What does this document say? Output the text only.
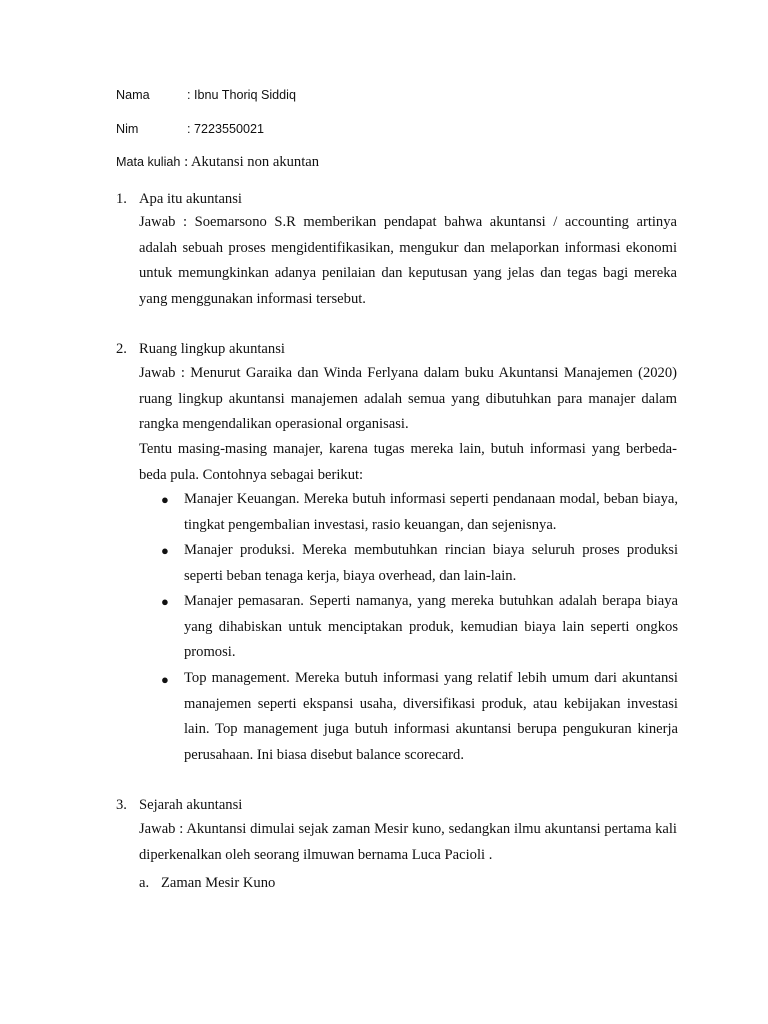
Nama	: Ibnu Thoriq Siddiq
Nim	: 7223550021
Mata kuliah : Akutansi non akuntan
1. Apa itu akuntansi
Jawab : Soemarsono S.R memberikan pendapat bahwa akuntansi / accounting artinya adalah sebuah proses mengidentifikasikan, mengukur dan melaporkan informasi ekonomi untuk memungkinkan adanya penilaian dan keputusan yang jelas dan tegas bagi mereka yang menggunakan informasi tersebut.
2. Ruang lingkup akuntansi
Jawab : Menurut Garaika dan Winda Ferlyana dalam buku Akuntansi Manajemen (2020) ruang lingkup akuntansi manajemen adalah semua yang dibutuhkan para manajer dalam rangka mengendalikan operasional organisasi.
Tentu masing-masing manajer, karena tugas mereka lain, butuh informasi yang berbeda-beda pula. Contohnya sebagai berikut:
● Manajer Keuangan. Mereka butuh informasi seperti pendanaan modal, beban biaya, tingkat pengembalian investasi, rasio keuangan, dan sejenisnya.
● Manajer produksi. Mereka membutuhkan rincian biaya seluruh proses produksi seperti beban tenaga kerja, biaya overhead, dan lain-lain.
● Manajer pemasaran. Seperti namanya, yang mereka butuhkan adalah berapa biaya yang dihabiskan untuk menciptakan produk, kemudian biaya lain seperti ongkos promosi.
● Top management. Mereka butuh informasi yang relatif lebih umum dari akuntansi manajemen seperti ekspansi usaha, diversifikasi produk, atau kebijakan investasi lain. Top management juga butuh informasi akuntansi berupa pengukuran kinerja perusahaan. Ini biasa disebut balance scorecard.
3. Sejarah akuntansi
Jawab : Akuntansi dimulai sejak zaman Mesir kuno, sedangkan ilmu akuntansi pertama kali diperkenalkan oleh seorang ilmuwan bernama Luca Pacioli .
a. Zaman Mesir Kuno
